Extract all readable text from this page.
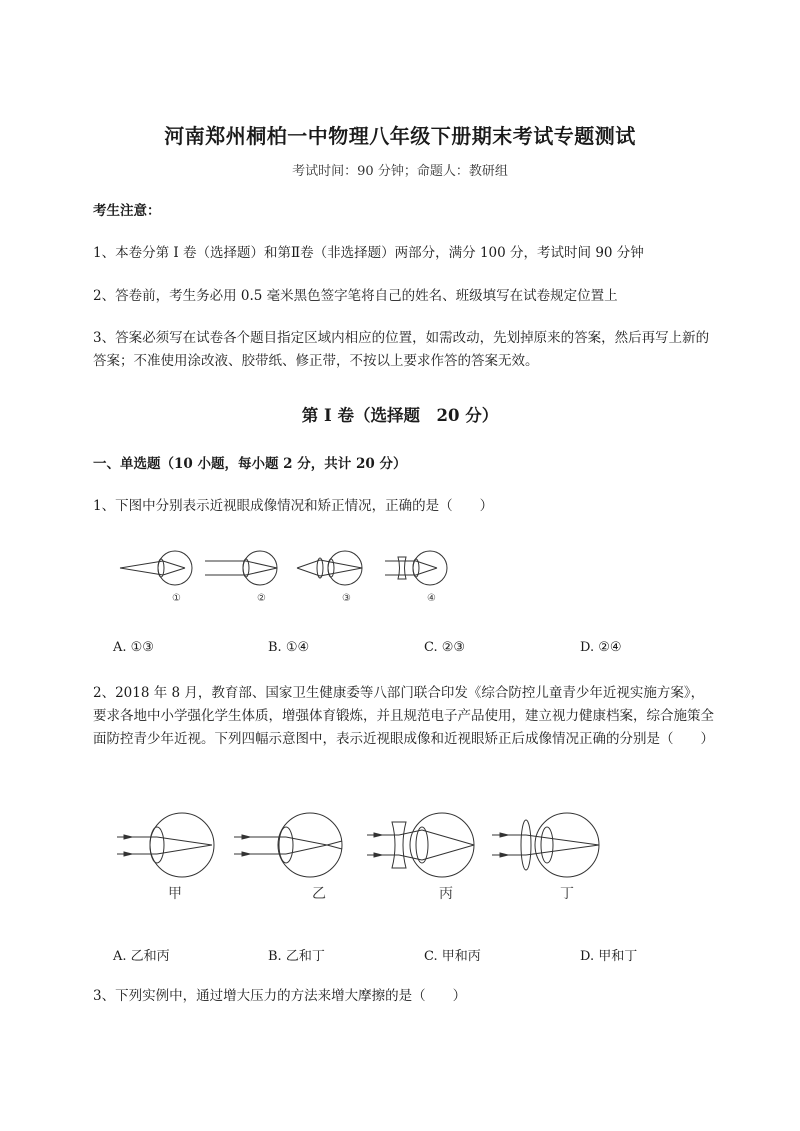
河南郑州桐柏一中物理八年级下册期末考试专题测试
考试时间：90 分钟；命题人：教研组
考生注意：
1、本卷分第 I 卷（选择题）和第Ⅱ卷（非选择题）两部分，满分 100 分，考试时间 90 分钟
2、答卷前，考生务必用 0.5 毫米黑色签字笔将自己的姓名、班级填写在试卷规定位置上
3、答案必须写在试卷各个题目指定区域内相应的位置，如需改动，先划掉原来的答案，然后再写上新的答案；不准使用涂改液、胶带纸、修正带，不按以上要求作答的答案无效。
第 I 卷（选择题　20 分）
一、单选题（10 小题，每小题 2 分，共计 20 分）
1、下图中分别表示近视眼成像情况和矫正情况，正确的是（　　）
①	②	③	④
A. ①③	B. ①④	C. ②③	D. ②④
2、2018 年 8 月，教育部、国家卫生健康委等八部门联合印发《综合防控儿童青少年近视实施方案》，要求各地中小学强化学生体质，增强体育锻炼，并且规范电子产品使用，建立视力健康档案，综合施策全面防控青少年近视。下列四幅示意图中，表示近视眼成像和近视眼矫正后成像情况正确的分别是（　　）
甲	乙	丙	丁
A. 乙和丙	B. 乙和丁	C. 甲和丙	D. 甲和丁
3、下列实例中，通过增大压力的方法来增大摩擦的是（　　）
